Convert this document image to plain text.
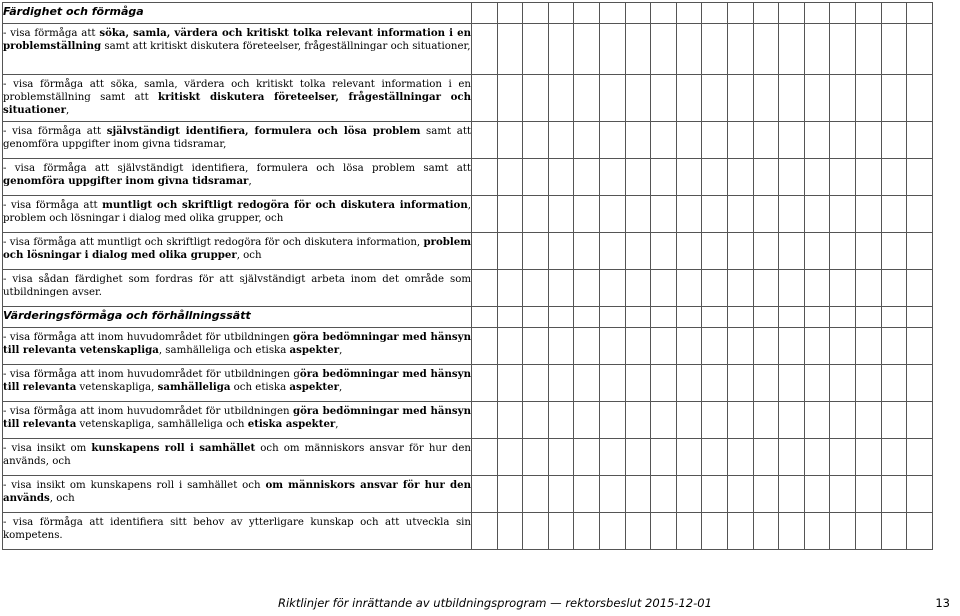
Färdighet och förmåga																		

- visa förmåga att söka, samla, värdera och kritiskt tolka relevant information i en problemställning samt att kritiskt diskutera företeelser, frågeställningar och situationer,																		

- visa förmåga att söka, samla, värdera och kritiskt tolka relevant information i en problemställning samt att kritiskt diskutera företeelser, frågeställningar och situationer,																		

- visa förmåga att självständigt identifiera, formulera och lösa problem samt att genomföra uppgifter inom givna tidsramar,																		

- visa förmåga att självständigt identifiera, formulera och lösa problem samt att genomföra uppgifter inom givna tidsramar,																		

- visa förmåga att muntligt och skriftligt redogöra för och diskutera information, problem och lösningar i dialog med olika grupper, och																		

- visa förmåga att muntligt och skriftligt redogöra för och diskutera information, problem och lösningar i dialog med olika grupper, och																		

- visa sådan färdighet som fordras för att självständigt arbeta inom det område som utbildningen avser.																		

Värderingsförmåga och förhållningssätt																		

- visa förmåga att inom huvudområdet för utbildningen göra bedömningar med hänsyn till relevanta vetenskapliga, samhälleliga och etiska aspekter,																		

- visa förmåga att inom huvudområdet för utbildningen göra bedömningar med hänsyn till relevanta vetenskapliga, samhälleliga och etiska aspekter,																		

- visa förmåga att inom huvudområdet för utbildningen göra bedömningar med hänsyn till relevanta vetenskapliga, samhälleliga och etiska aspekter,																		

- visa insikt om kunskapens roll i samhället och om människors ansvar för hur den används, och																		

- visa insikt om kunskapens roll i samhället och om människors ansvar för hur den används, och																		

- visa förmåga att identifiera sitt behov av ytterligare kunskap och att utveckla sin kompetens.																		

Riktlinjer för inrättande av utbildningsprogram — rektorsbeslut 2015-12-01	13
